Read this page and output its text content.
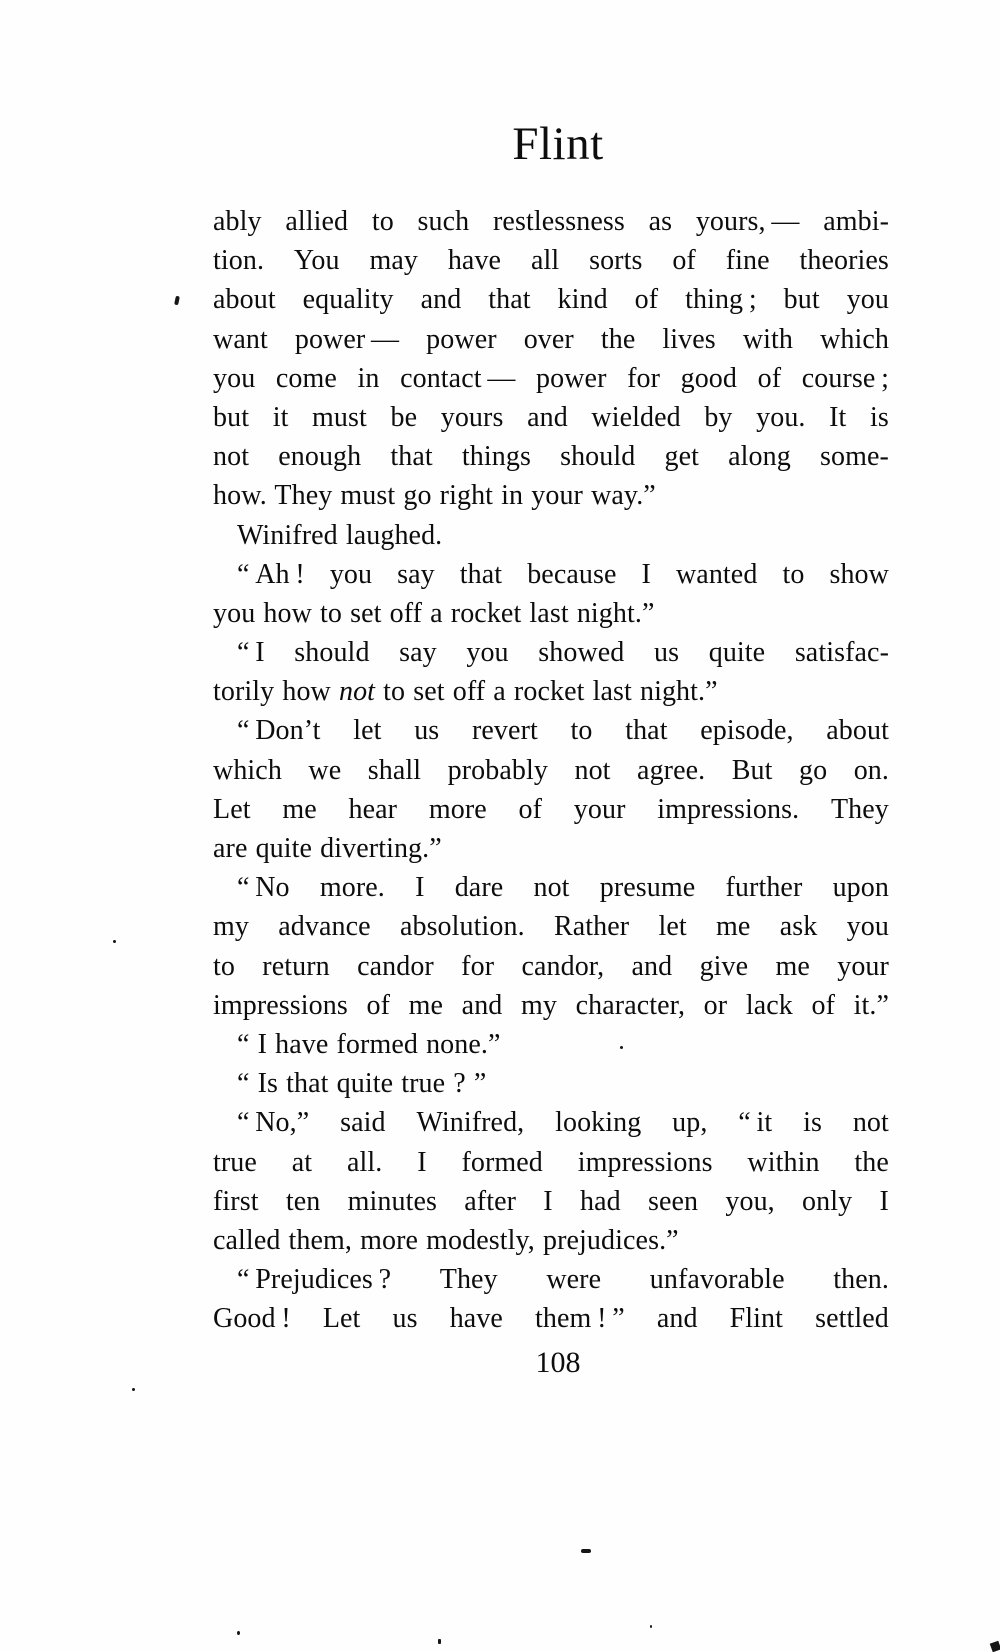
Flint
ably allied to such restlessness as yours, — ambi-
tion. You may have all sorts of fine theories
about equality and that kind of thing ; but you
want power — power over the lives with which
you come in contact — power for good of course ;
but it must be yours and wielded by you. It is
not enough that things should get along some-
how. They must go right in your way.”
Winifred laughed.
“ Ah ! you say that because I wanted to show
you how to set off a rocket last night.”
“ I should say you showed us quite satisfac-
torily how not to set off a rocket last night.”
“ Don’t let us revert to that episode, about
which we shall probably not agree. But go on.
Let me hear more of your impressions. They
are quite diverting.”
“ No more. I dare not presume further upon
my advance absolution. Rather let me ask you
to return candor for candor, and give me your
impressions of me and my character, or lack of it.”
“ I have formed none.”
“ Is that quite true ? ”
“ No,” said Winifred, looking up, “ it is not
true at all. I formed impressions within the
first ten minutes after I had seen you, only I
called them, more modestly, prejudices.”
“ Prejudices ? They were unfavorable then.
Good ! Let us have them ! ” and Flint settled
108
